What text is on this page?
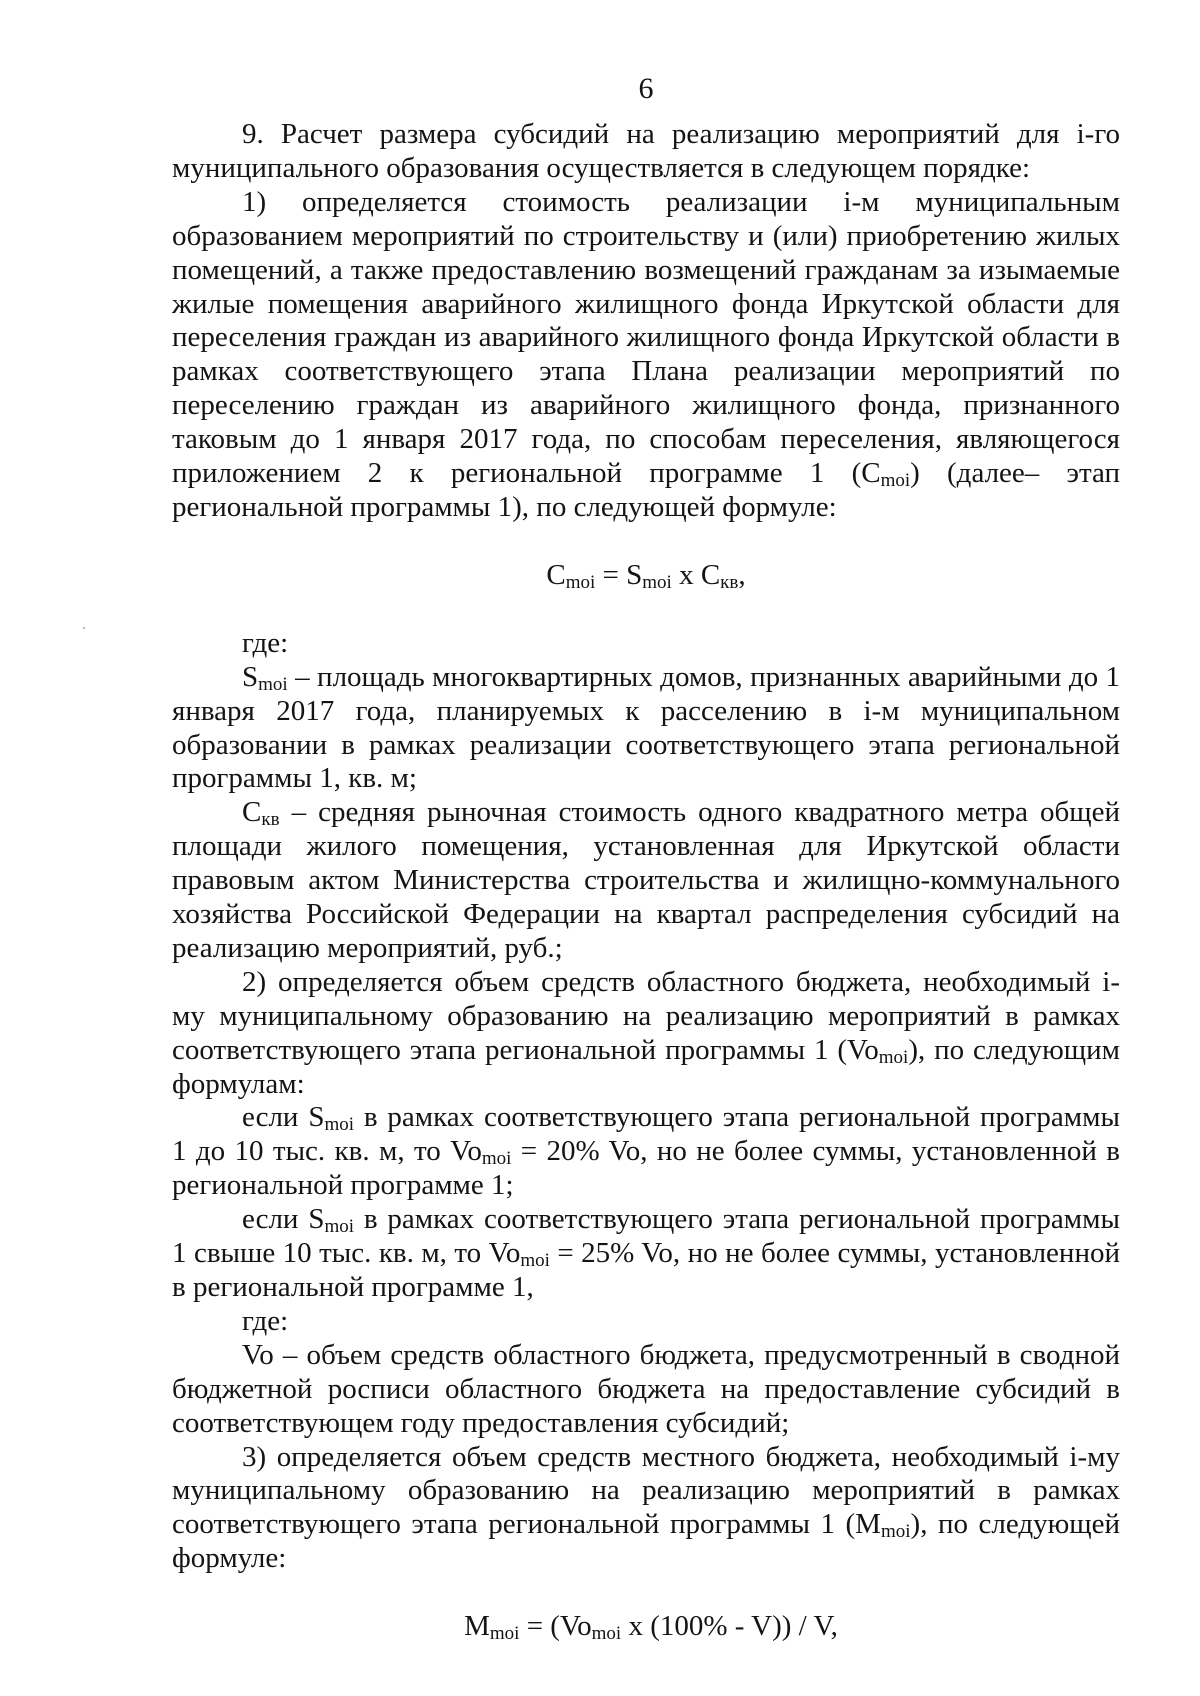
6

9. Расчет размера субсидий на реализацию мероприятий для i-го муниципального образования осуществляется в следующем порядке:

1) определяется стоимость реализации i-м муниципальным образованием мероприятий по строительству и (или) приобретению жилых помещений, а также предоставлению возмещений гражданам за изымаемые жилые помещения аварийного жилищного фонда Иркутской области для переселения граждан из аварийного жилищного фонда Иркутской области в рамках соответствующего этапа Плана реализации мероприятий по переселению граждан из аварийного жилищного фонда, признанного таковым до 1 января 2017 года, по способам переселения, являющегося приложением 2 к региональной программе 1 $(C_{moi})$ (далее– этап региональной программы 1), по следующей формуле:

$C_{moi} = S_{moi}$ x $C_{кв}$,

где:

$S_{moi}$ – площадь многоквартирных домов, признанных аварийными до 1 января 2017 года, планируемых к расселению в i-м муниципальном образовании в рамках реализации соответствующего этапа региональной программы 1, кв. м;

$C_{кв}$ – средняя рыночная стоимость одного квадратного метра общей площади жилого помещения, установленная для Иркутской области правовым актом Министерства строительства и жилищно-коммунального хозяйства Российской Федерации на квартал распределения субсидий на реализацию мероприятий, руб.;

2) определяется объем средств областного бюджета, необходимый i-му муниципальному образованию на реализацию мероприятий в рамках соответствующего этапа региональной программы 1 $(Vo_{moi})$, по следующим формулам:

если $S_{moi}$ в рамках соответствующего этапа региональной программы 1 до 10 тыс. кв. м, то $Vo_{moi} = 20\%$ Vo, но не более суммы, установленной в региональной программе 1;

если $S_{moi}$ в рамках соответствующего этапа региональной программы 1 свыше 10 тыс. кв. м, то $Vo_{moi} = 25\%$ Vo, но не более суммы, установленной в региональной программе 1,

где:

Vo – объем средств областного бюджета, предусмотренный в сводной бюджетной росписи областного бюджета на предоставление субсидий в соответствующем году предоставления субсидий;

3) определяется объем средств местного бюджета, необходимый i-му муниципальному образованию на реализацию мероприятий в рамках соответствующего этапа региональной программы 1 $(M_{moi})$, по следующей формуле:

$M_{moi} = (Vo_{moi}$ x (100% - V)) / V,
